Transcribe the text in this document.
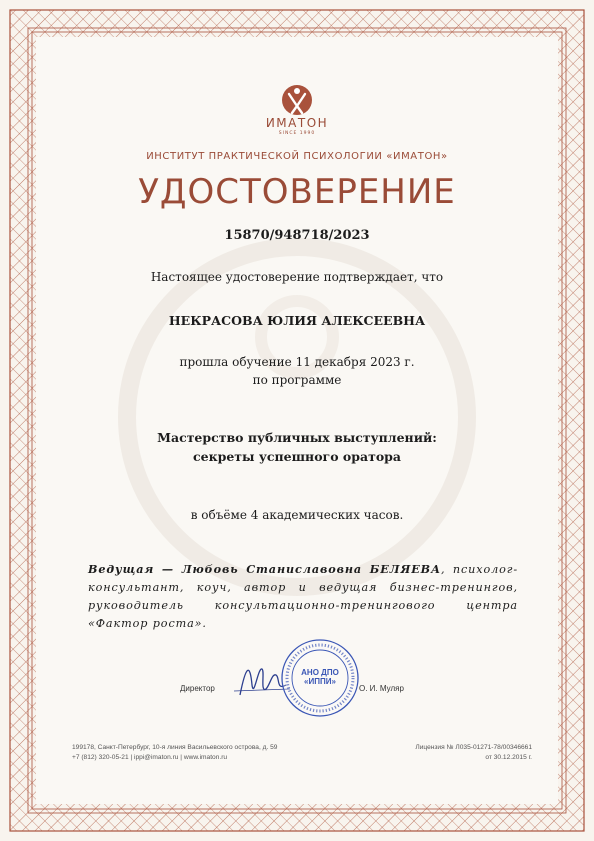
ИМАТОН
SINCE 1990
ИНСТИТУТ ПРАКТИЧЕСКОЙ ПСИХОЛОГИИ «ИМАТОН»
УДОСТОВЕРЕНИЕ
15870/948718/2023
Настоящее удостоверение подтверждает, что
НЕКРАСОВА ЮЛИЯ АЛЕКСЕЕВНА
прошла обучение 11 декабря 2023 г.
по программе
Мастерство публичных выступлений:
секреты успешного оратора
в объёме 4 академических часов.
Ведущая — Любовь Станиславовна БЕЛЯЕВА, психолог-консультант, коуч, автор и ведущая бизнес-тренингов, руководитель консультационно-тренингового центра «Фактор роста».
Директор	О. И. Муляр
АНО ДПО
«ИППИ»
199178, Санкт-Петербург, 10-я линия Васильевского острова, д. 59
+7 (812) 320-05-21 | ippi@imaton.ru | www.imaton.ru
Лицензия № Л035-01271-78/00346661
от 30.12.2015 г.
